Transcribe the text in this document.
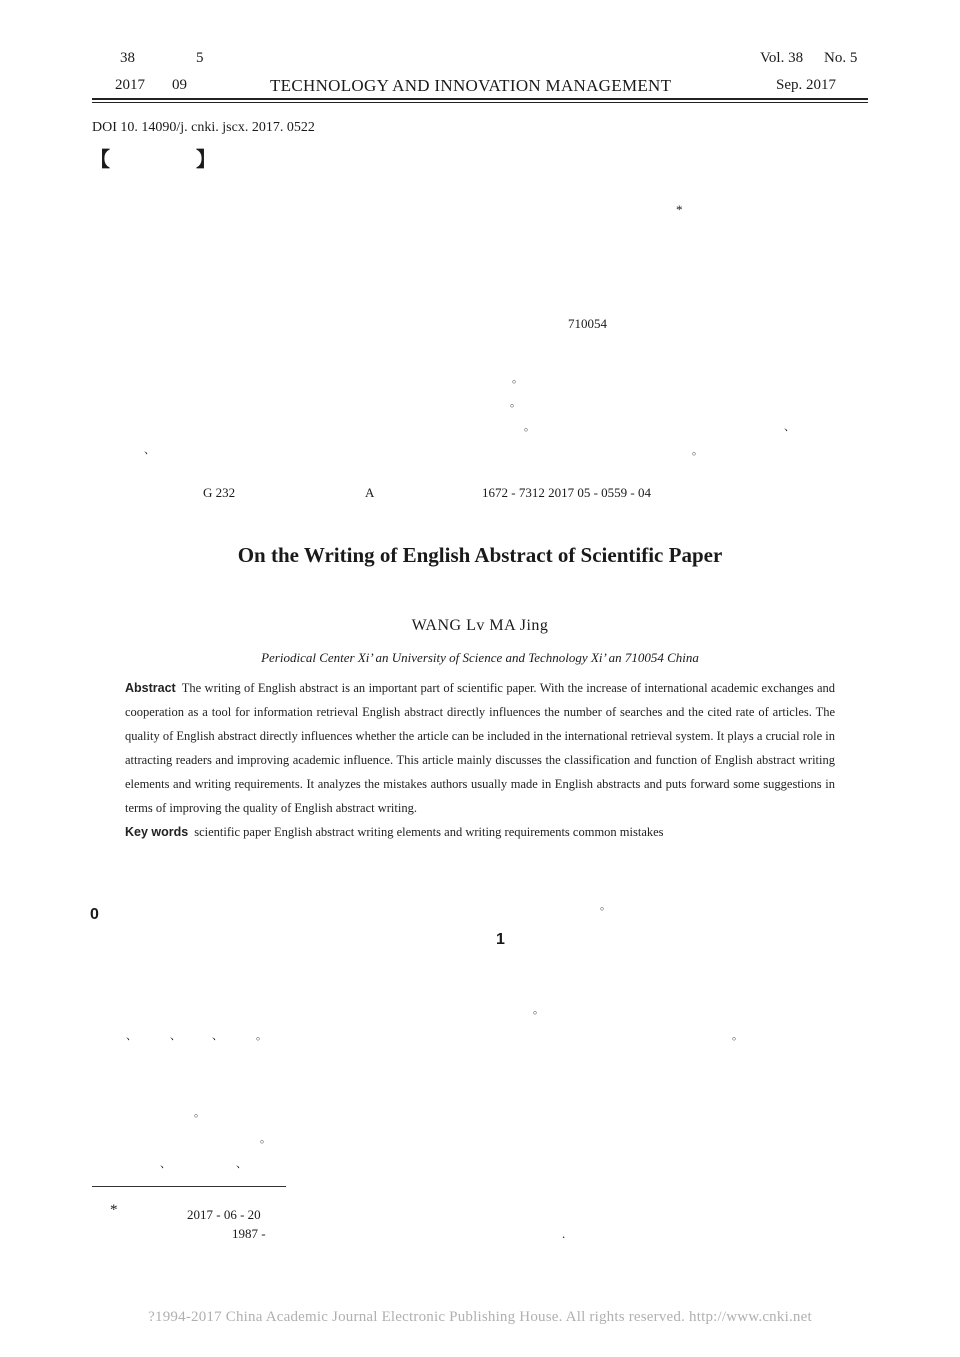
38	5
2017 09	TECHNOLOGY AND INNOVATION MANAGEMENT
Vol. 38 No. 5
Sep. 2017
DOI 10. 14090/j. cnki. jscx. 2017. 0522
【	】
*
710054
。
。
。	、
、	。
G 232	A	1672 - 7312 2017 05 - 0559 - 04
On the Writing of English Abstract of Scientific Paper
WANG Lv MA Jing
Periodical Center Xi’ an University of Science and Technology Xi’ an 710054 China
Abstract The writing of English abstract is an important part of scientific paper. With the increase of international academic exchanges and cooperation as a tool for information retrieval English abstract directly influences the number of searches and the cited rate of articles. The quality of English abstract directly influences whether the article can be included in the international retrieval system. It plays a crucial role in attracting readers and improving academic influence. This article mainly discusses the classification and function of English abstract writing elements and writing requirements. It analyzes the mistakes authors usually made in English abstracts and puts forward some suggestions in terms of improving the quality of English abstract writing.
Key words scientific paper English abstract writing elements and writing requirements common mistakes
0
1
。
。
。
、	、	、	。
。
。
、	、
*	2017 - 06 - 20
1987 -	.
?1994-2017 China Academic Journal Electronic Publishing House. All rights reserved. http://www.cnki.net
